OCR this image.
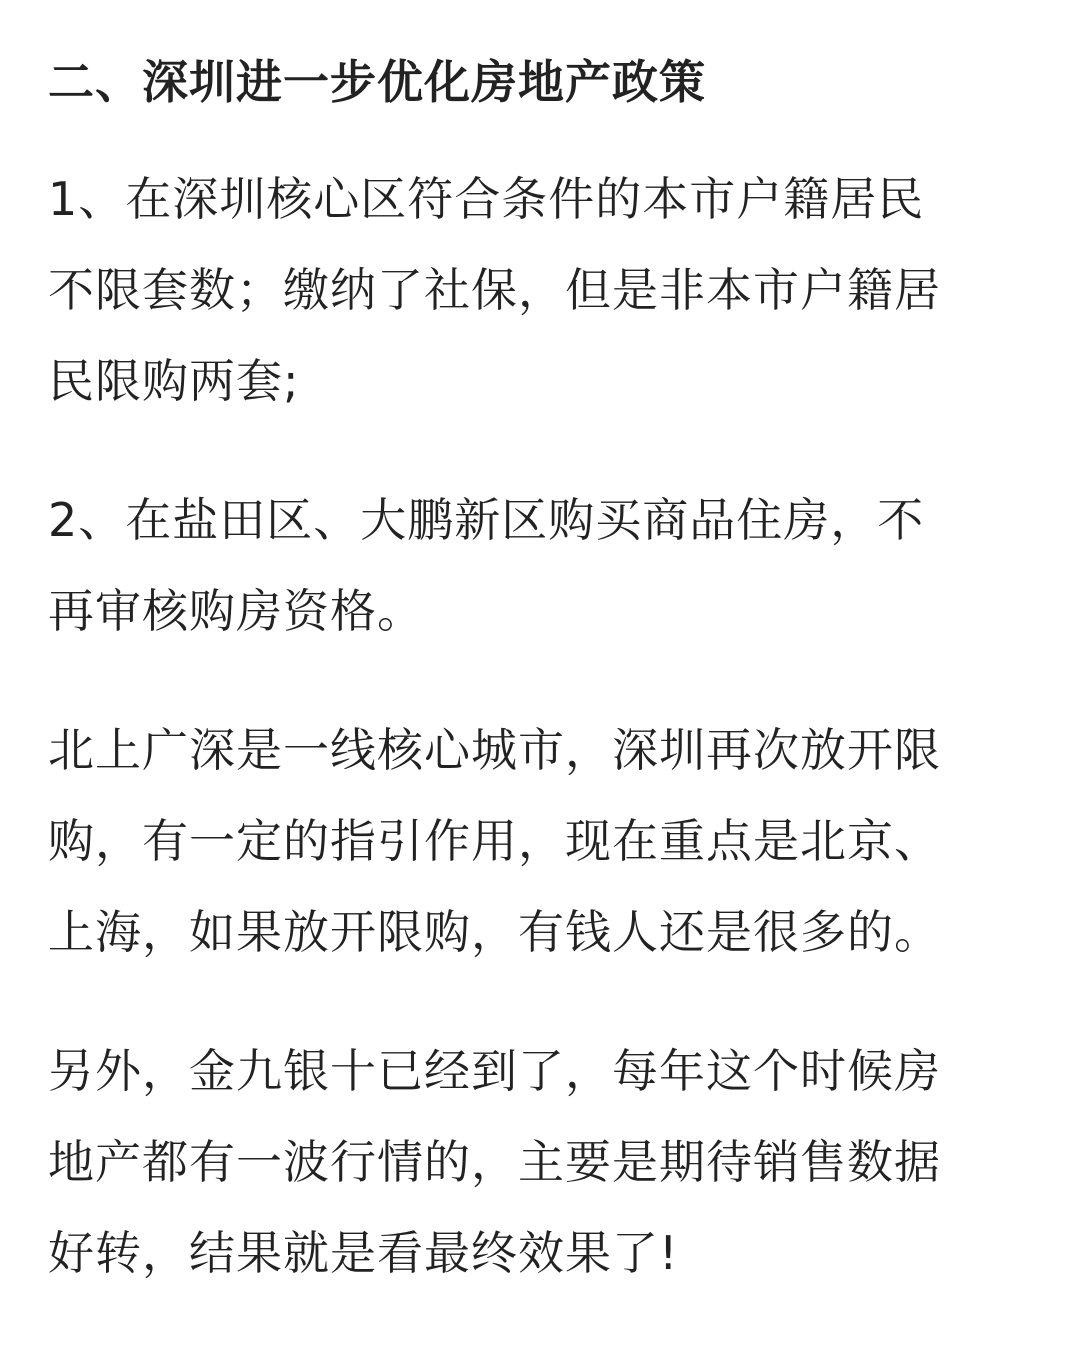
二、深圳进一步优化房地产政策
1、在深圳核心区符合条件的本市户籍居民
不限套数；缴纳了社保，但是非本市户籍居
民限购两套;
2、在盐田区、大鹏新区购买商品住房，不
再审核购房资格。
北上广深是一线核心城市，深圳再次放开限
购，有一定的指引作用，现在重点是北京、
上海，如果放开限购，有钱人还是很多的。
另外，金九银十已经到了，每年这个时候房
地产都有一波行情的，主要是期待销售数据
好转，结果就是看最终效果了!
